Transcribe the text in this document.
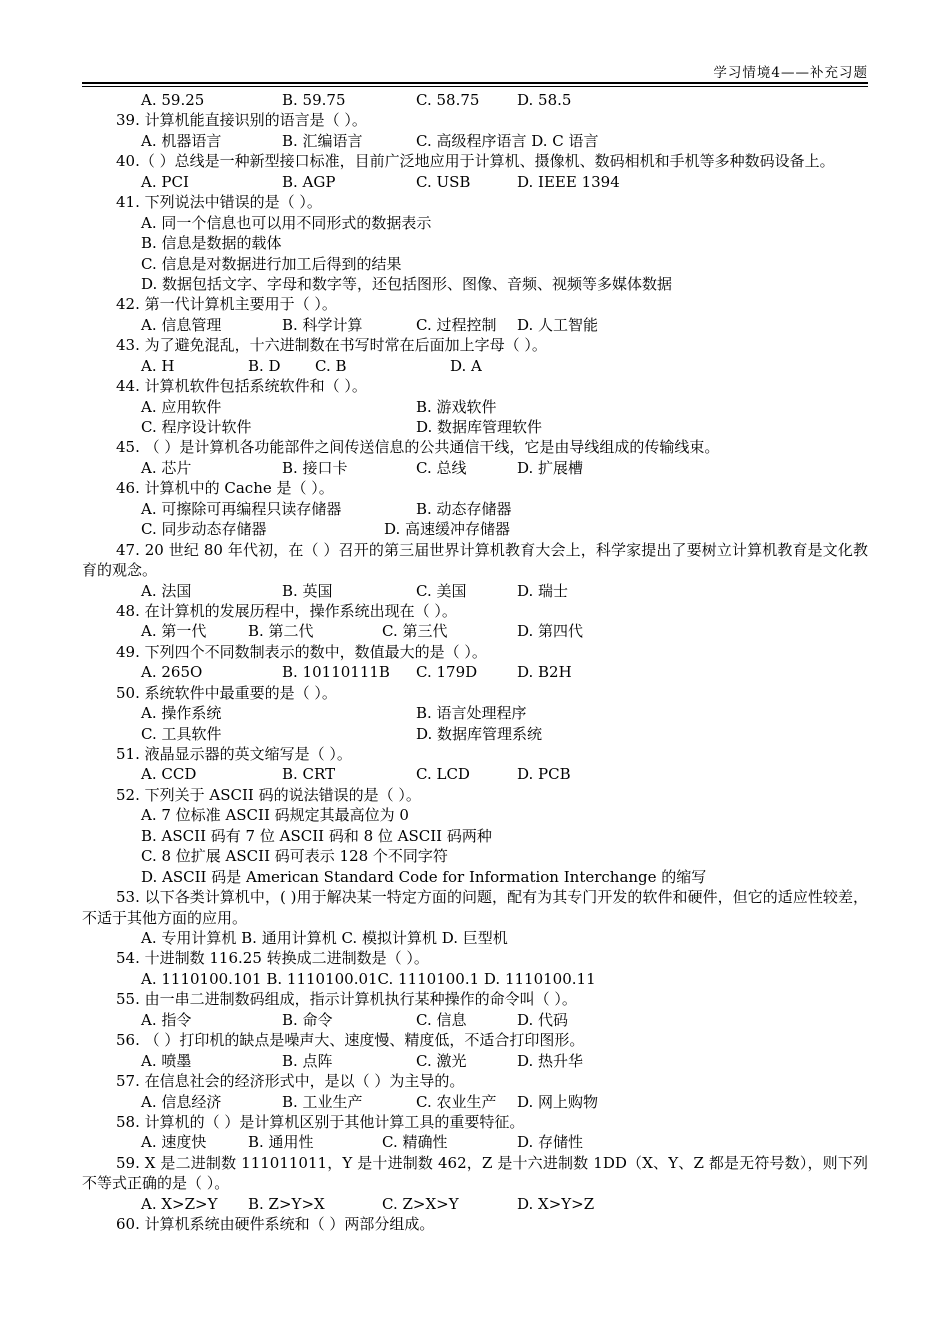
学习情境4——补充习题
A. 59.25	B. 59.75	C. 58.75	D. 58.5
39. 计算机能直接识别的语言是（ ）。
A. 机器语言	B. 汇编语言	C. 高级程序语言 D. C 语言
40.（ ）总线是一种新型接口标准，目前广泛地应用于计算机、摄像机、数码相机和手机等多种数码设备上。
A. PCI	B. AGP	C. USB	D. IEEE 1394
41. 下列说法中错误的是（ ）。
A. 同一个信息也可以用不同形式的数据表示
B. 信息是数据的载体
C. 信息是对数据进行加工后得到的结果
D. 数据包括文字、字母和数字等，还包括图形、图像、音频、视频等多媒体数据
42. 第一代计算机主要用于（ ）。
A. 信息管理	B. 科学计算	C. 过程控制 D. 人工智能
43. 为了避免混乱，十六进制数在书写时常在后面加上字母（ ）。
A. H	B. D C. B	D. A
44. 计算机软件包括系统软件和（ ）。
A. 应用软件	B. 游戏软件
C. 程序设计软件	D. 数据库管理软件
45. （ ）是计算机各功能部件之间传送信息的公共通信干线，它是由导线组成的传输线束。
A. 芯片	B. 接口卡	C. 总线	D. 扩展槽
46. 计算机中的 Cache 是（ ）。
A. 可擦除可再编程只读存储器	B. 动态存储器
C. 同步动态存储器	D. 高速缓冲存储器
47. 20 世纪 80 年代初，在（ ）召开的第三届世界计算机教育大会上，科学家提出了要树立计算机教育是文化教育的观念。
A. 法国	B. 英国	C. 美国	D. 瑞士
48. 在计算机的发展历程中，操作系统出现在（ ）。
A. 第一代	B. 第二代	C. 第三代	D. 第四代
49. 下列四个不同数制表示的数中，数值最大的是（ ）。
A. 265O	B. 10110111B C. 179D	D. B2H
50. 系统软件中最重要的是（ ）。
A. 操作系统	B. 语言处理程序
C. 工具软件	D. 数据库管理系统
51. 液晶显示器的英文缩写是（ ）。
A. CCD	B. CRT	C. LCD	D. PCB
52. 下列关于 ASCII 码的说法错误的是（ ）。
A. 7 位标准 ASCII 码规定其最高位为 0
B. ASCII 码有 7 位 ASCII 码和 8 位 ASCII 码两种
C. 8 位扩展 ASCII 码可表示 128 个不同字符
D. ASCII 码是 American Standard Code for Information Interchange 的缩写
53. 以下各类计算机中，( )用于解决某一特定方面的问题，配有为其专门开发的软件和硬件，但它的适应性较差，不适于其他方面的应用。
A. 专用计算机 B. 通用计算机 C. 模拟计算机 D. 巨型机
54. 十进制数 116.25 转换成二进制数是（ ）。
A. 1110100.101 B. 1110100.01C. 1110100.1 D. 1110100.11
55. 由一串二进制数码组成，指示计算机执行某种操作的命令叫（ ）。
A. 指令	B. 命令	C. 信息	D. 代码
56. （ ）打印机的缺点是噪声大、速度慢、精度低，不适合打印图形。
A. 喷墨	B. 点阵	C. 激光	D. 热升华
57. 在信息社会的经济形式中，是以（ ）为主导的。
A. 信息经济	B. 工业生产	C. 农业生产 D. 网上购物
58. 计算机的（ ）是计算机区别于其他计算工具的重要特征。
A. 速度快	B. 通用性	C. 精确性	D. 存储性
59. X 是二进制数 111011011，Y 是十进制数 462，Z 是十六进制数 1DD（X、Y、Z 都是无符号数），则下列不等式正确的是（ ）。
A. X>Z>Y B. Z>Y>X	C. Z>X>Y	D. X>Y>Z
60. 计算机系统由硬件系统和（ ）两部分组成。
